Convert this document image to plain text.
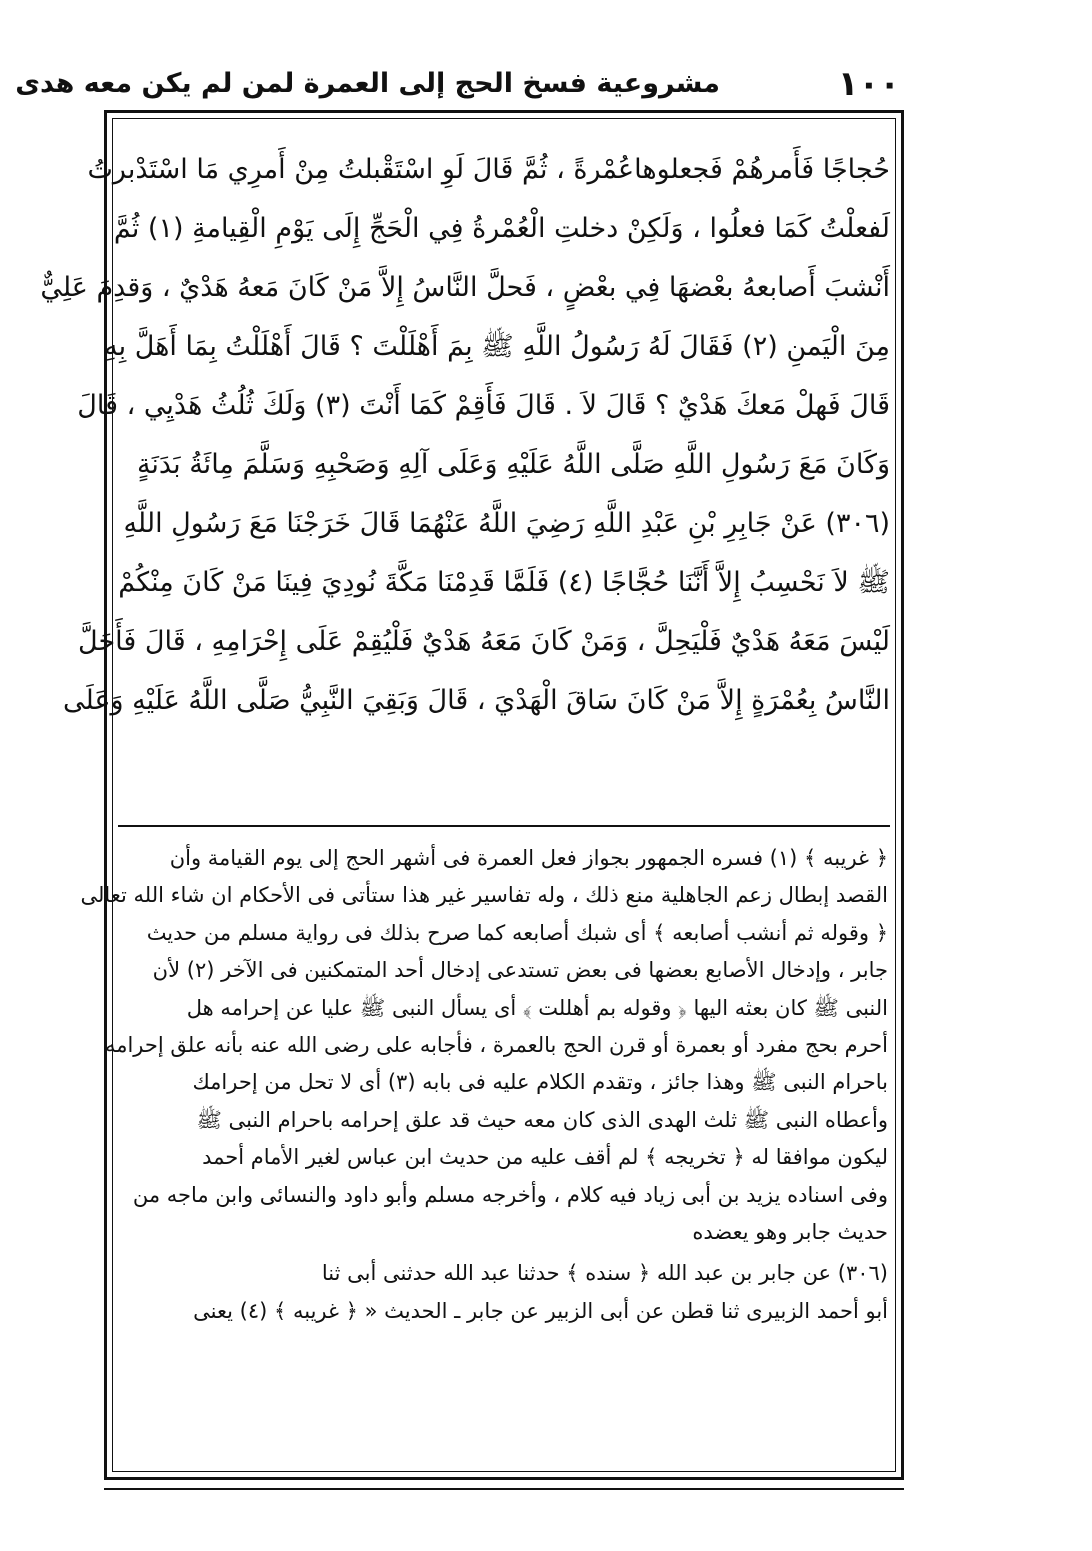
١٠٠
مشروعية فسخ الحج إلى العمرة لمن لم يكن معه هدى
حُجاجًا فَأَمرهُمْ فَجعلوهاعُمْرةً ، ثُمَّ قَالَ لَوِ اسْتَقْبلتُ مِنْ أَمرِي مَا اسْتَدْبرتُ
لَفعلْتُ كَمَا فعلُوا ، وَلَكِنْ دخلتِ الْعُمْرةُ فِي الْحَجِّ إِلَى يَوْمِ الْقِيامةِ (١) ثُمَّ
أَنْشبَ أَصابعهُ بعْضهَا فِي بعْضٍ ، فَحلَّ النَّاسُ إِلاَّ مَنْ كَانَ مَعهُ هَدْيٌ ، وَقدِمَ عَلِيٌّ
مِنَ الْيَمنِ (٢) فَقَالَ لَهُ رَسُولُ اللَّهِ ﷺ بِمَ أَهْلَلْتَ ؟ قَالَ أَهْلَلْتُ بِمَا أَهَلَّ بِهِ
قَالَ فَهلْ مَعكَ هَدْيٌ ؟ قَالَ لاَ . قَالَ فَأَقِمْ كَمَا أَنْتَ (٣) وَلَكَ ثُلُثُ هَدْيِي ، قَالَ
وَكَانَ مَعَ رَسُولِ اللَّهِ صَلَّى اللَّهُ عَلَيْهِ وَعَلَى آلِهِ وَصَحْبِهِ وَسَلَّمَ مِائَةُ بَدَنَةٍ
(٣٠٦) عَنْ جَابِرِ بْنِ عَبْدِ اللَّهِ رَضِيَ اللَّهُ عَنْهُمَا قَالَ خَرَجْنَا مَعَ رَسُولِ اللَّهِ
ﷺ لاَ نَحْسِبُ إِلاَّ أَنَّنَا حُجَّاجًا (٤) فَلَمَّا قَدِمْنَا مَكَّةَ نُودِيَ فِينَا مَنْ كَانَ مِنْكُمْ
لَيْسَ مَعَهُ هَدْيٌ فَلْيَحِلَّ ، وَمَنْ كَانَ مَعَهُ هَدْيٌ فَلْيُقِمْ عَلَى إِحْرَامِهِ ، قَالَ فَأَحَلَّ
النَّاسُ بِعُمْرَةٍ إِلاَّ مَنْ كَانَ سَاقَ الْهَدْيَ ، قَالَ وَبَقِيَ النَّبِيُّ صَلَّى اللَّهُ عَلَيْهِ وَعَلَى
﴿ غريبه ﴾ (١) فسره الجمهور بجواز فعل العمرة فى أشهر الحج إلى يوم القيامة وأن
القصد إبطال زعم الجاهلية منع ذلك ، وله تفاسير غير هذا ستأتى فى الأحكام ان شاء الله تعالى
﴿ وقوله ثم أنشب أصابعه ﴾ أى شبك أصابعه كما صرح بذلك فى رواية مسلم من حديث
جابر ، وإدخال الأصابع بعضها فى بعض تستدعى إدخال أحد المتمكنين فى الآخر (٢) لأن
النبى ﷺ كان بعثه اليها ﴿ وقوله بم أهللت ﴾ أى يسأل النبى ﷺ عليا عن إحرامه هل
أحرم بحج مفرد أو بعمرة أو قرن الحج بالعمرة ، فأجابه على رضى الله عنه بأنه علق إحرامه
باحرام النبى ﷺ وهذا جائز ، وتقدم الكلام عليه فى بابه (٣) أى لا تحل من إحرامك
وأعطاه النبى ﷺ ثلث الهدى الذى كان معه حيث قد علق إحرامه باحرام النبى ﷺ
ليكون موافقا له ﴿ تخريجه ﴾ لم أقف عليه من حديث ابن عباس لغير الأمام أحمد
وفى اسناده يزيد بن أبى زياد فيه كلام ، وأخرجه مسلم وأبو داود والنسائى وابن ماجه من
حديث جابر وهو يعضده
(٣٠٦) عن جابر بن عبد الله ﴿ سنده ﴾ حدثنا عبد الله حدثنى أبى ثنا
أبو أحمد الزبيرى ثنا قطن عن أبى الزبير عن جابر ـ الحديث « ﴿ غريبه ﴾ (٤) يعنى
